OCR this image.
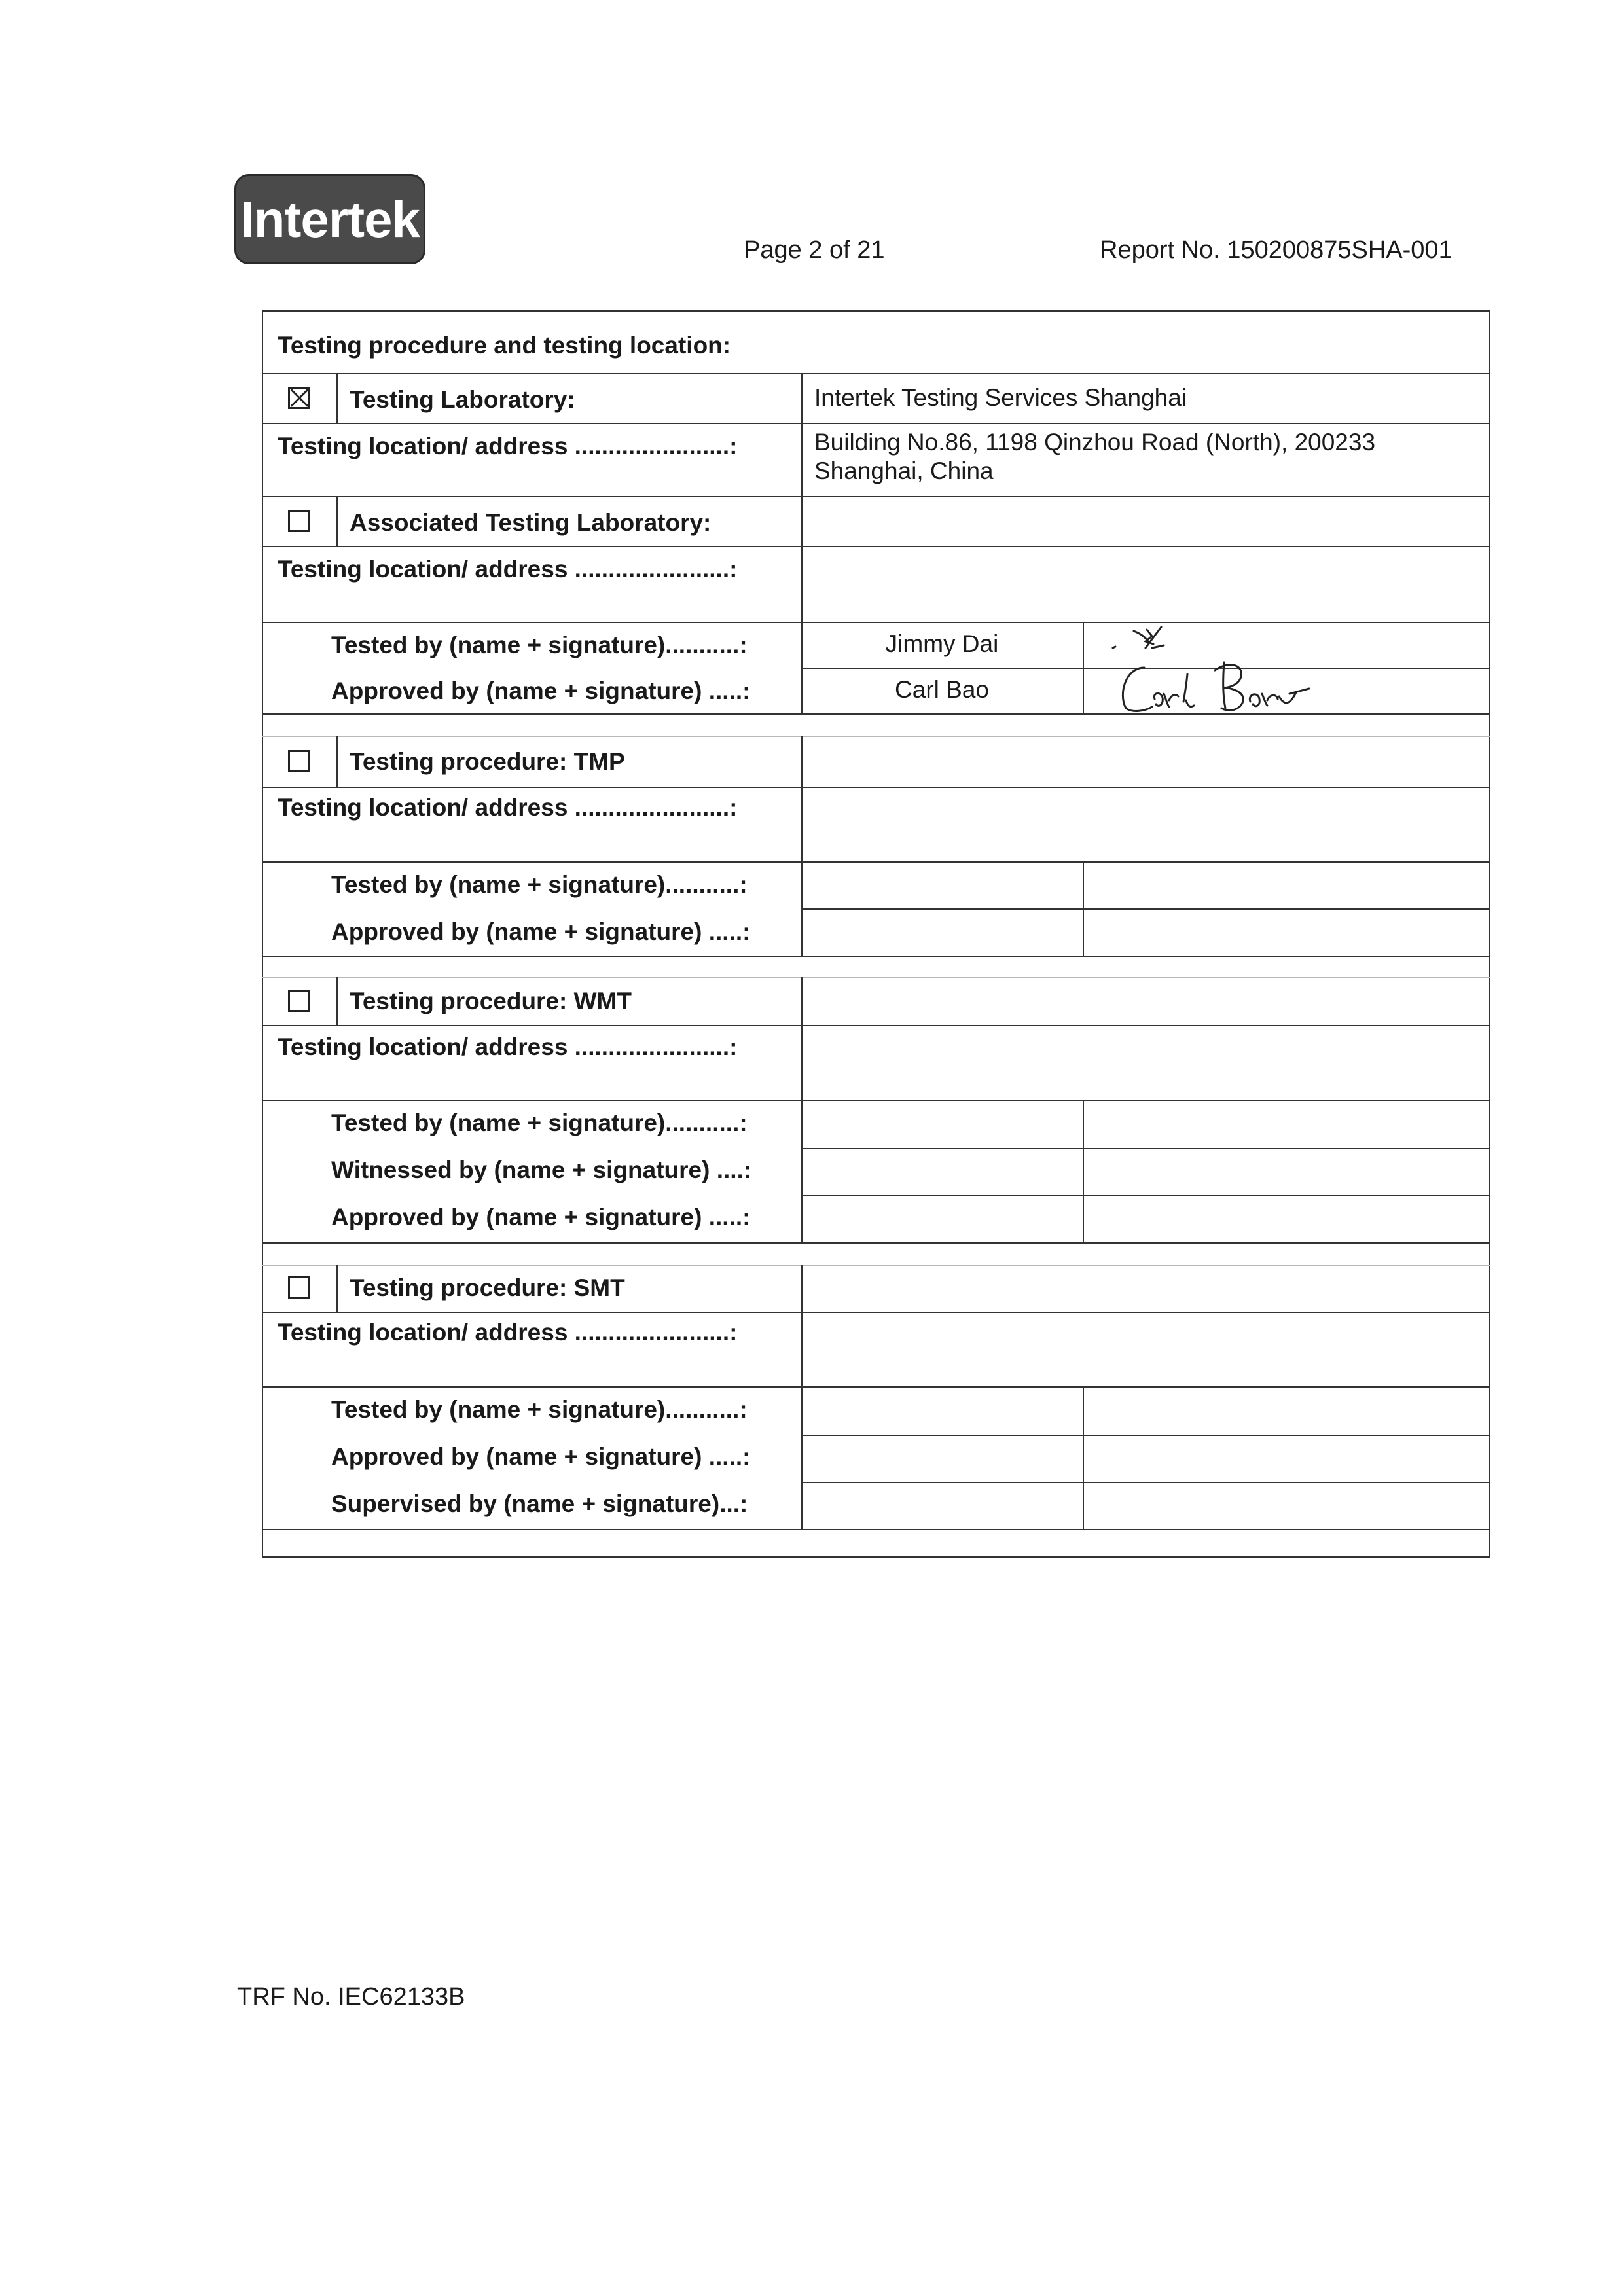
Intertek
Page 2 of 21	Report No. 150200875SHA-001
Testing procedure and testing location:
Testing Laboratory:	Intertek Testing Services Shanghai
Testing location/ address .......................:	Building No.86, 1198 Qinzhou Road (North), 200233 Shanghai, China
Associated Testing Laboratory:
Testing location/ address .......................:
Tested by (name + signature)...........:	Jimmy Dai
Approved by (name + signature) .....:	Carl Bao
Testing procedure: TMP
Testing location/ address .......................:
Tested by (name + signature)...........:
Approved by (name + signature) .....:
Testing procedure: WMT
Testing location/ address .......................:
Tested by (name + signature)...........:
Witnessed by (name + signature) ....:
Approved by (name + signature) .....:
Testing procedure: SMT
Testing location/ address .......................:
Tested by (name + signature)...........:
Approved by (name + signature) .....:
Supervised by (name + signature)...:
TRF No. IEC62133B
